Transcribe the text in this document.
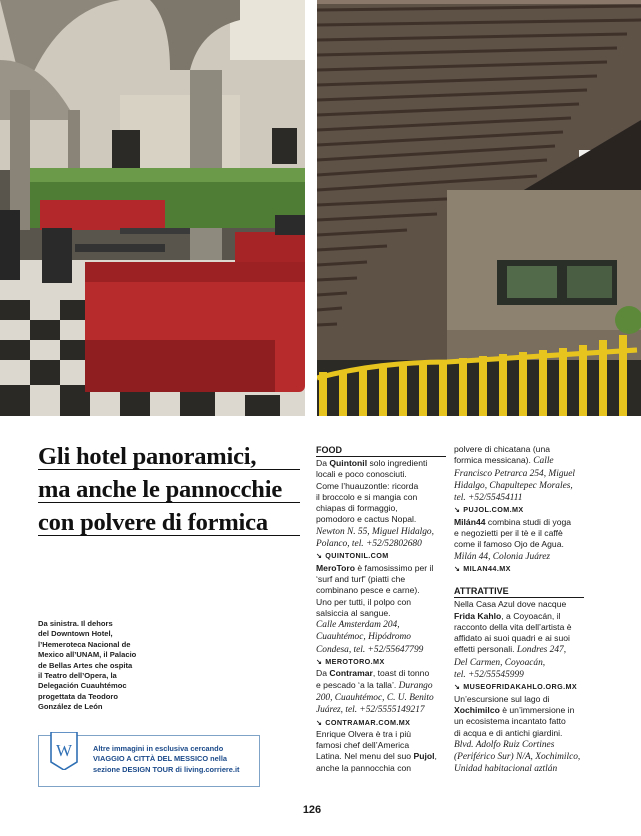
Gli hotel panoramici,
ma anche le pannocchie
con polvere di formica
Da sinistra. Il dehors
del Downtown Hotel,
l’Hemeroteca Nacional de
Mexico all’UNAM, il Palacio
de Bellas Artes che ospita
il Teatro dell’Opera, la
Delegación Cuauhtémoc
progettata da Teodoro
González de León
W	Altre immagini in esclusiva cercando
VIAGGIO A CITTÀ DEL MESSICO nella
sezione DESIGN TOUR di living.corriere.it
FOOD
Da Quintonil solo ingredienti
locali e poco conosciuti.
Come l’huauzontle: ricorda
il broccolo e si mangia con
chiapas di formaggio,
pomodoro e cactus Nopal.
Newton N. 55, Miguel Hidalgo,
Polanco, tel. +52/52802680
↘ QUINTONIL.COM
MeroToro è famosissimo per il
‘surf and turf’ (piatti che
combinano pesce e carne).
Uno per tutti, il polpo con
salsiccia al sangue.
Calle Amsterdam 204,
Cuauhtémoc, Hipódromo
Condesa, tel. +52/55647799
↘ MEROTORO.MX
Da Contramar, toast di tonno
e pescado ‘a la talla’. Durango
200, Cuauhtémoc, C. U. Benito
Juárez, tel. +52/5555149217
↘ CONTRAMAR.COM.MX
Enrique Olvera è tra i più
famosi chef dell’America
Latina. Nel menu del suo Pujol,
anche la pannocchia con
polvere di chicatana (una
formica messicana). Calle
Francisco Petrarca 254, Miguel
Hidalgo, Chapultepec Morales,
tel. +52/55454111
↘ PUJOL.COM.MX
Milán44 combina studi di yoga
e negozietti per il tè e il caffè
come il famoso Ojo de Agua.
Milán 44, Colonia Juárez
↘ MILAN44.MX
ATTRATTIVE
Nella Casa Azul dove nacque
Frida Kahlo, a Coyoacán, il
racconto della vita dell’artista è
affidato ai suoi quadri e ai suoi
effetti personali. Londres 247,
Del Carmen, Coyoacán,
tel. +52/55545999
↘ MUSEOFRIDAKAHLO.ORG.MX
Un’escursione sul lago di
Xochimilco è un’immersione in
un ecosistema incantato fatto
di acqua e di antichi giardini.
Blvd. Adolfo Ruiz Cortines
(Periférico Sur) N/A, Xochimilco,
Unidad habitacional aztlán
126
